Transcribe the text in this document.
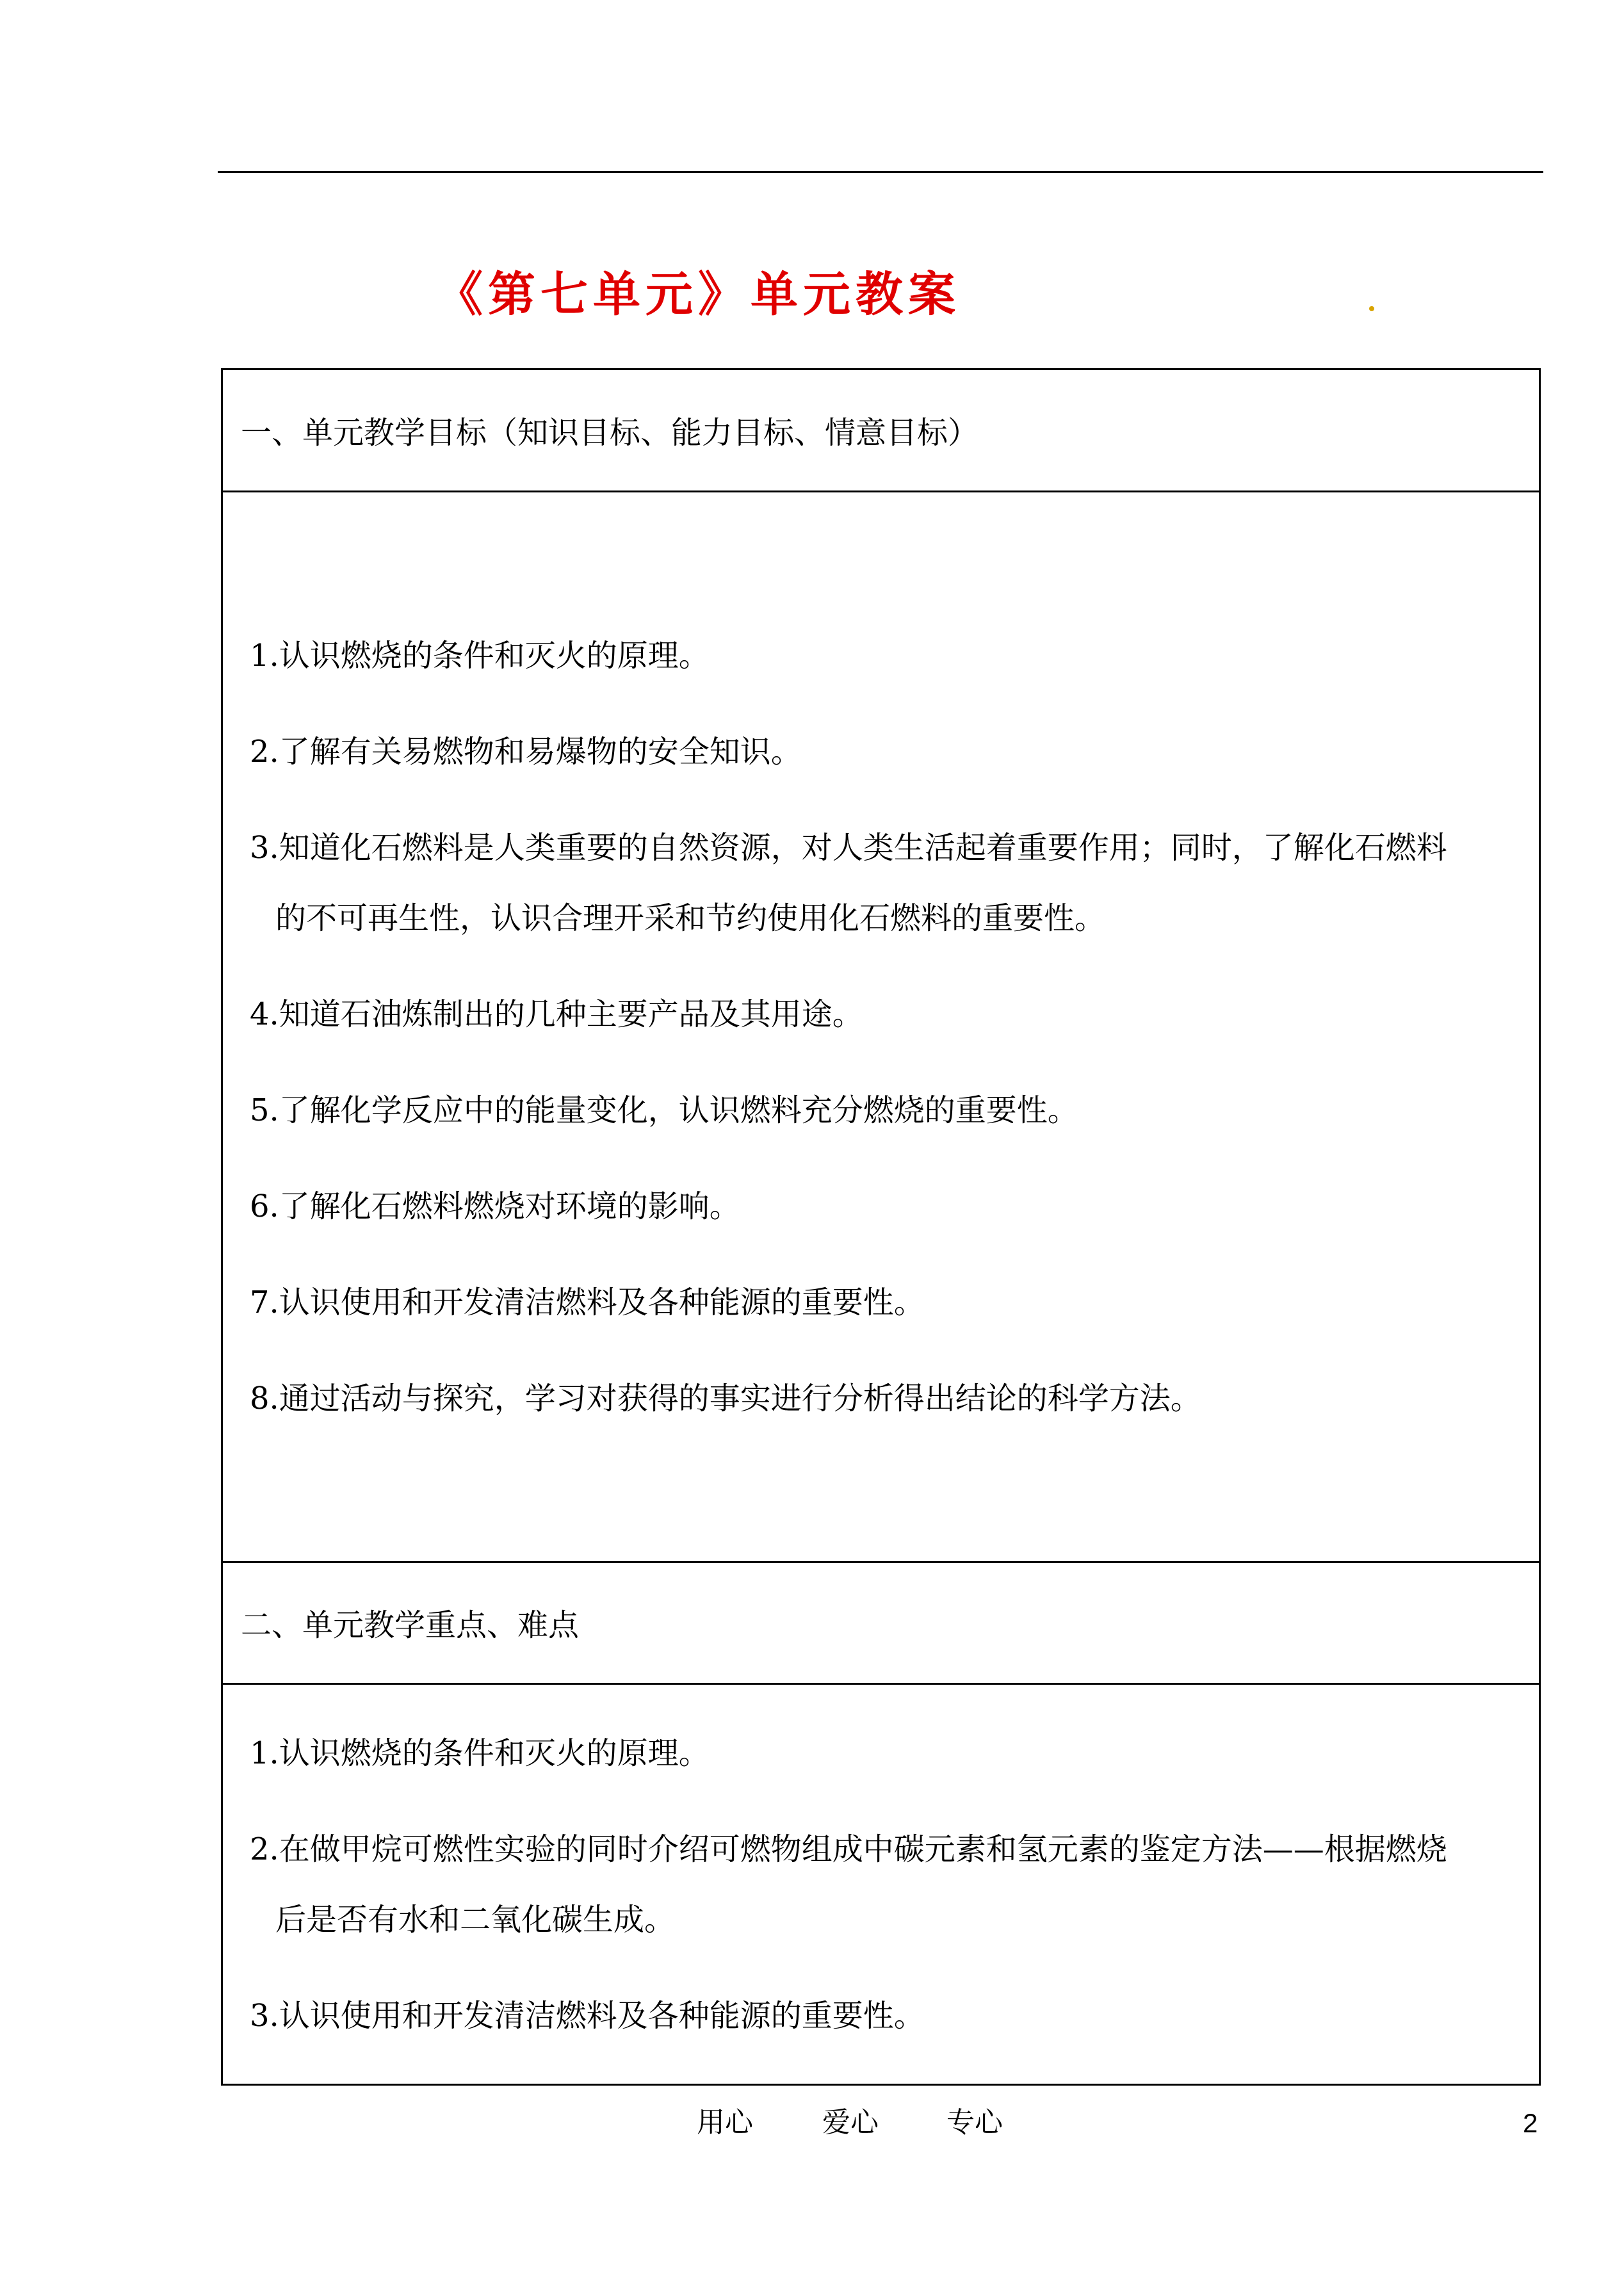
《第七单元》单元教案
一、单元教学目标（知识目标、能力目标、情意目标）
1.认识燃烧的条件和灭火的原理。
2.了解有关易燃物和易爆物的安全知识。
3.知道化石燃料是人类重要的自然资源，对人类生活起着重要作用；同时，了解化石燃料
的不可再生性，认识合理开采和节约使用化石燃料的重要性。
4.知道石油炼制出的几种主要产品及其用途。
5.了解化学反应中的能量变化，认识燃料充分燃烧的重要性。
6.了解化石燃料燃烧对环境的影响。
7.认识使用和开发清洁燃料及各种能源的重要性。
8.通过活动与探究，学习对获得的事实进行分析得出结论的科学方法。
二、单元教学重点、难点
1.认识燃烧的条件和灭火的原理。
2.在做甲烷可燃性实验的同时介绍可燃物组成中碳元素和氢元素的鉴定方法——根据燃烧
后是否有水和二氧化碳生成。
3.认识使用和开发清洁燃料及各种能源的重要性。
用心 爱心 专心	2
